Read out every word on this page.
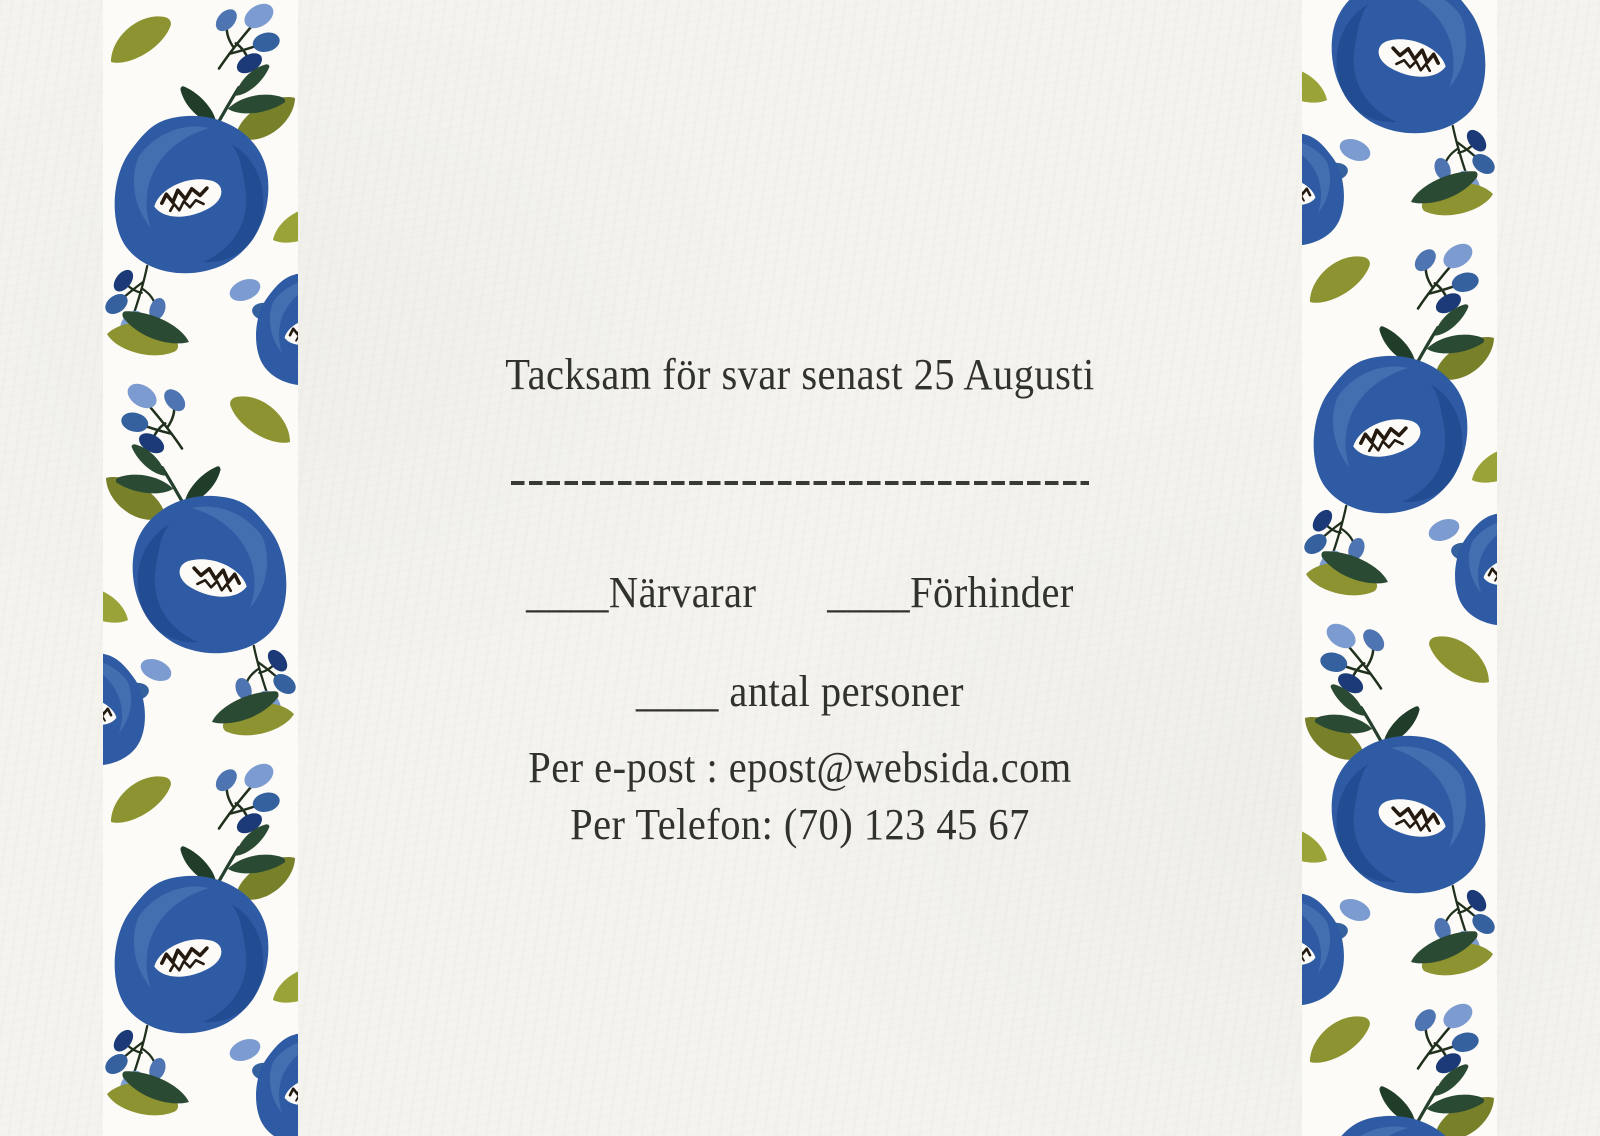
Tacksam för svar senast 25 Augusti
____Närvarar ____Förhinder
____ antal personer
Per e-post : epost@websida.com
Per Telefon: (70) 123 45 67
